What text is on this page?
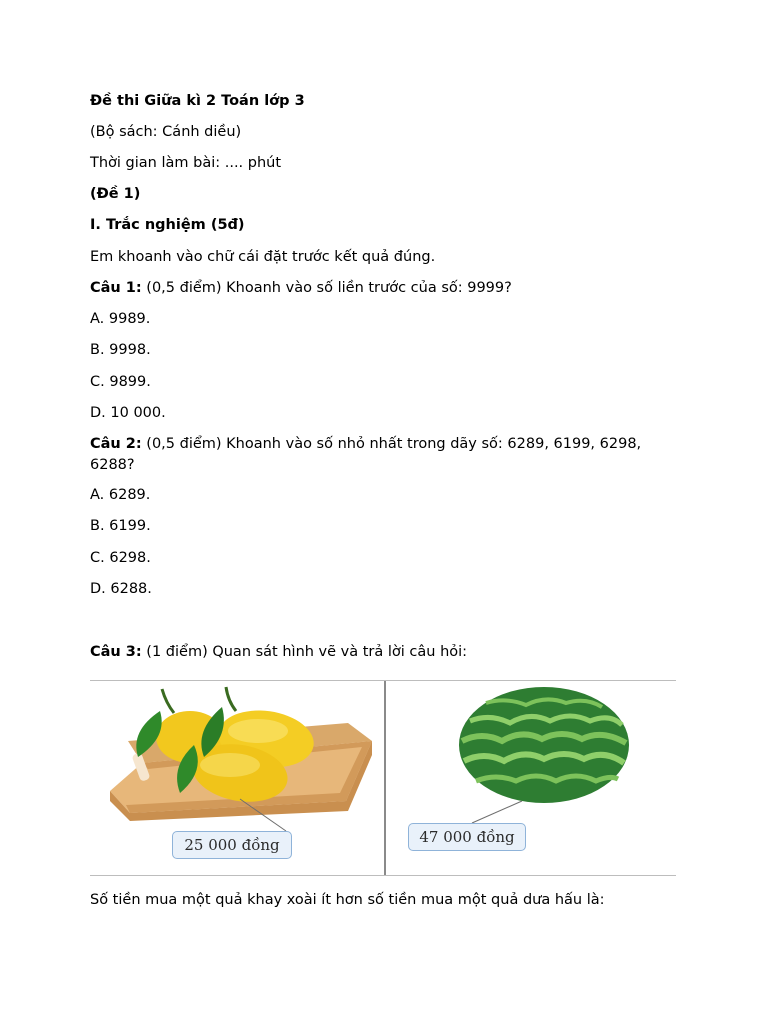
Đề thi Giữa kì 2 Toán lớp 3
(Bộ sách: Cánh diều)
Thời gian làm bài: .... phút
(Đề 1)
I. Trắc nghiệm (5đ)
Em khoanh vào chữ cái đặt trước kết quả đúng.
Câu 1: (0,5 điểm) Khoanh vào số liền trước của số: 9999?
A. 9989.
B. 9998.
C. 9899.
D. 10 000.
Câu 2: (0,5 điểm) Khoanh vào số nhỏ nhất trong dãy số: 6289, 6199, 6298, 6288?
A. 6289.
B. 6199.
C. 6298.
D. 6288.
Câu 3: (1 điểm) Quan sát hình vẽ và trả lời câu hỏi:
25 000 đồng	47 000 đồng
Số tiền mua một quả khay xoài ít hơn số tiền mua một quả dưa hấu là:
